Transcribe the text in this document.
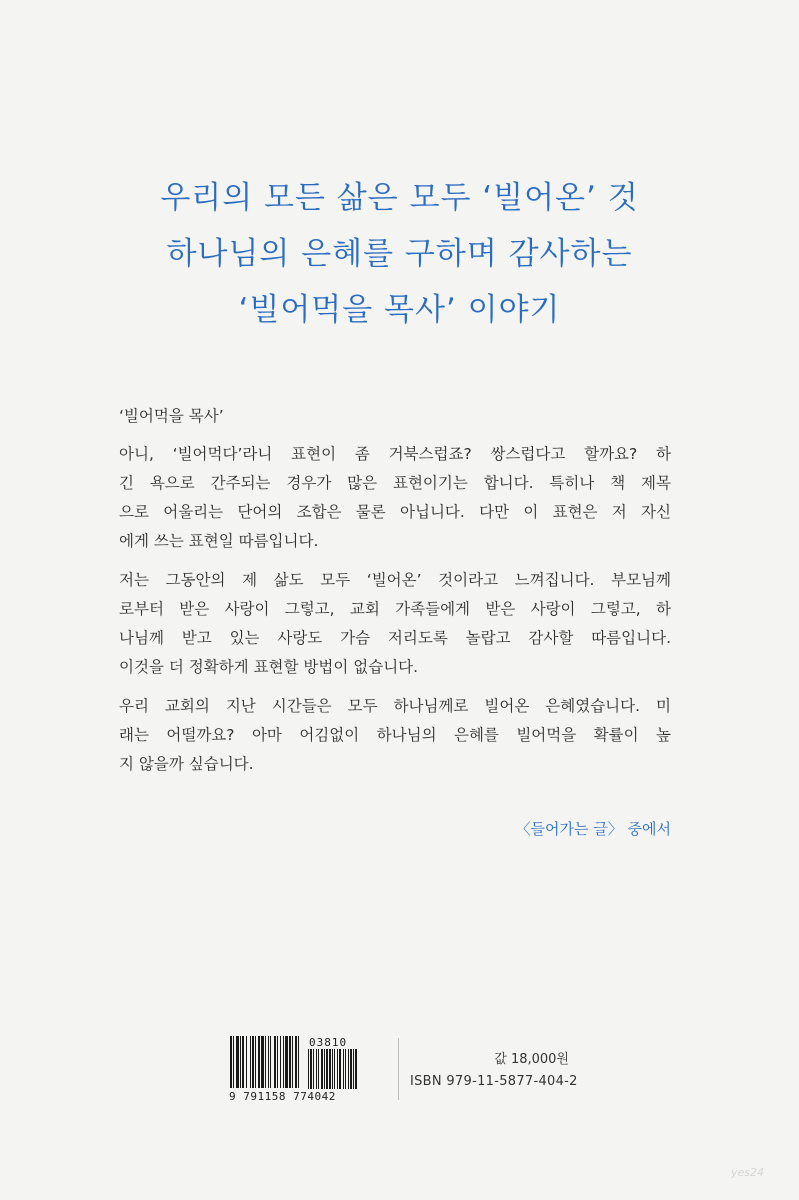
우리의 모든 삶은 모두 ‘빌어온’ 것
하나님의 은혜를 구하며 감사하는
‘빌어먹을 목사’ 이야기
‘빌어먹을 목사’

아니, ‘빌어먹다’라니 표현이 좀 거북스럽죠? 쌍스럽다고 할까요? 하
긴 욕으로 간주되는 경우가 많은 표현이기는 합니다. 특히나 책 제목
으로 어울리는 단어의 조합은 물론 아닙니다. 다만 이 표현은 저 자신
에게 쓰는 표현일 따름입니다.

저는 그동안의 제 삶도 모두 ‘빌어온’ 것이라고 느껴집니다. 부모님께
로부터 받은 사랑이 그렇고, 교회 가족들에게 받은 사랑이 그렇고, 하
나님께 받고 있는 사랑도 가슴 저리도록 놀랍고 감사할 따름입니다.
이것을 더 정확하게 표현할 방법이 없습니다.

우리 교회의 지난 시간들은 모두 하나님께로 빌어온 은혜였습니다. 미
래는 어떨까요? 아마 어김없이 하나님의 은혜를 빌어먹을 확률이 높
지 않을까 싶습니다.

〈들어가는 글〉 중에서
03810
9 791158 774042
값 18,000원
ISBN 979-11-5877-404-2
yes24
